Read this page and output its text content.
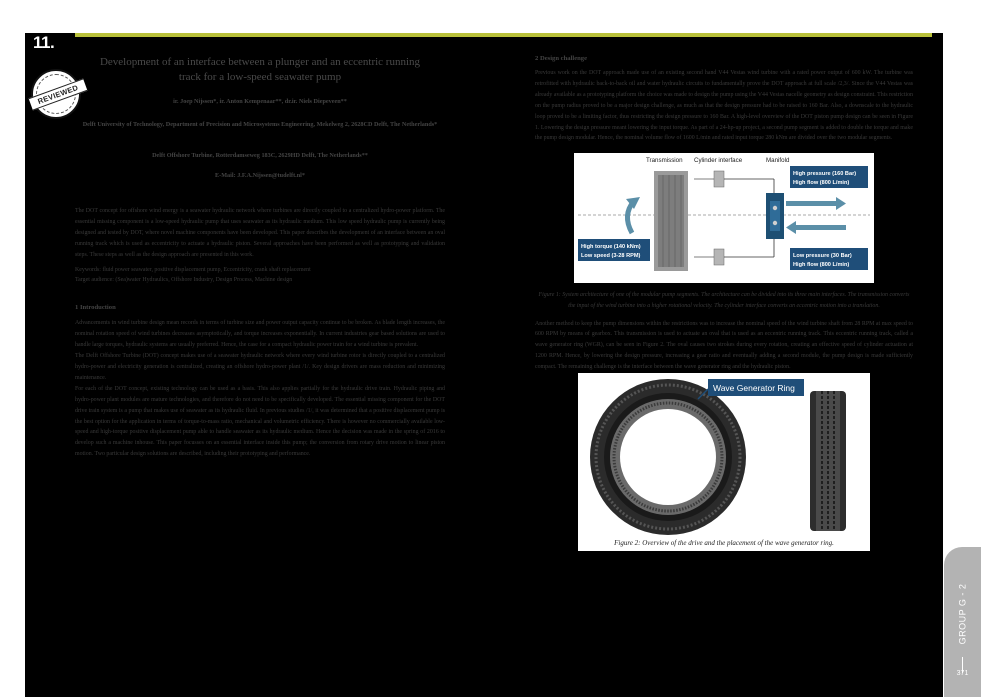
11.
REVIEWED
Development of an interface between a plunger and an eccentric running track for a low-speed seawater pump
ir. Joep Nijssen*, ir. Anton Kempenaar**, dr.ir. Niels Diepeveen**
Delft University of Technology, Department of Precision and Microsystems Engineering, Mekelweg 2, 2628CD Delft, The Netherlands*
Delft Offshore Turbine, Rotterdamseweg 183C, 2629HD Delft, The Netherlands**
E-Mail: J.F.A.Nijssen@tudelft.nl*

The DOT concept for offshore wind energy is a seawater hydraulic network where turbines are directly coupled to a centralized hydro-power platform. The essential missing component is a low-speed hydraulic pump that uses seawater as its hydraulic medium. This low speed hydraulic pump is currently being designed and tested by DOT, where novel machine components have been developed. This paper describes the development of an interface between an oval running track which is used as eccentricity to actuate a hydraulic piston. Several approaches have been performed as well as prototyping and validation steps. These steps as well as the design approach are presented in this work.

Keywords: fluid power seawater, positive displacement pump, Eccentricity, crank shaft replacement

Target audience: (Sea)water Hydraulics, Offshore Industry, Design Process, Machine design

1 Introduction

Advancements in wind turbine design mean records in terms of turbine size and power output capacity continue to be broken. As blade length increases, the nominal rotation speed of wind turbines decreases asymptotically, and torque increases exponentially. In current industries gear based solutions are used to handle large torques, hydraulic systems are usually preferred. Hence, the case for a compact hydraulic power train for a wind turbine is prevalent.

The Delft Offshore Turbine (DOT) concept makes use of a seawater hydraulic network where every wind turbine rotor is directly coupled to a centralized hydro-power and electricity generation is centralized, creating an offshore hydro-power plant /1/. Key design drivers are mass reduction and minimizing maintenance.

For each of the DOT concept, existing technology can be used as a basis. This also applies partially for the hydraulic drive train. Hydraulic piping and hydro-power plant modules are mature technologies, and therefore do not need to be specifically developed. The essential missing component for the DOT drive train system is a pump that makes use of seawater as its hydraulic fluid. In previous studies /1/, it was determined that a positive displacement pump is the best option for the application in terms of torque-to-mass ratio, mechanical and volumetric efficiency. There is however no commercially available low-speed and high-torque positive displacement pump able to handle seawater as its hydraulic medium. Hence the decision was made in the spring of 2016 to develop such a machine inhouse. This paper focusses on an essential interface inside this pump; the conversion from rotary drive motion to linear piston motion. Two particular design solutions are described, including their prototyping and performance.

2 Design challenge

Previous work on the DOT approach made use of an existing second hand V44 Vestas wind turbine with a rated power output of 600 kW. The turbine was retrofitted with hydraulic back-to-back oil and water hydraulic circuits to fundamentally prove the DOT approach at full scale /2,3/. Since the V44 Vestas was already available as a prototyping platform the choice was made to design the pump using the V44 Vestas nacelle geometry as design constraint. This restriction on the pump radius proved to be a major design challenge, as much as that the design pressure had to be raised to 160 Bar. Also, a downscale to the hydraulic loop proved to be a limiting factor, thus restricting the design pressure to 160 Bar. A high-level overview of the DOT piston pump design can be seen in Figure 1. Lowering the design pressure meant lowering the input torque. As part of a 24-hp-up project, a second pump segment is added to double the torque and make the pump design modular. Hence, the nominal volume flow of 1600 L/min and rated input torque 280 kNm are divided over the two modular segments.

Transmission Cylinder interface	Manifold
High pressure (160 Bar)
High flow (800 L/min)
Low pressure (30 Bar)
High flow (800 L/min)
High torque (140 kNm)
Low speed (3-28 RPM)

Figure 1: System architecture of one of the modular pump segments. The architecture can be divided into its three main interfaces. The transmission converts the input of the wind turbine into a higher rotational velocity. The cylinder interface converts an eccentric motion into a translation.

Another method to keep the pump dimensions within the restrictions was to increase the nominal speed of the wind turbine shaft from 28 RPM at max speed to 600 RPM by means of gearbox. This transmission is used to actuate an oval that is used as an eccentric running track. This eccentric running track, called a wave generator ring (WGR), can be seen in Figure 2. The oval causes two strokes during every rotation, creating an effective speed of cylinder actuation at 1200 RPM. Hence, by lowering the design pressure, increasing a gear ratio and eventually adding a second module, the pump design is made sufficiently compact. The remaining challenge is the interface between the wave generator ring and the hydraulic piston.

Wave Generator Ring
Figure 2: Overview of the drive and the placement of the wave generator ring.
GROUP G - 2
371
